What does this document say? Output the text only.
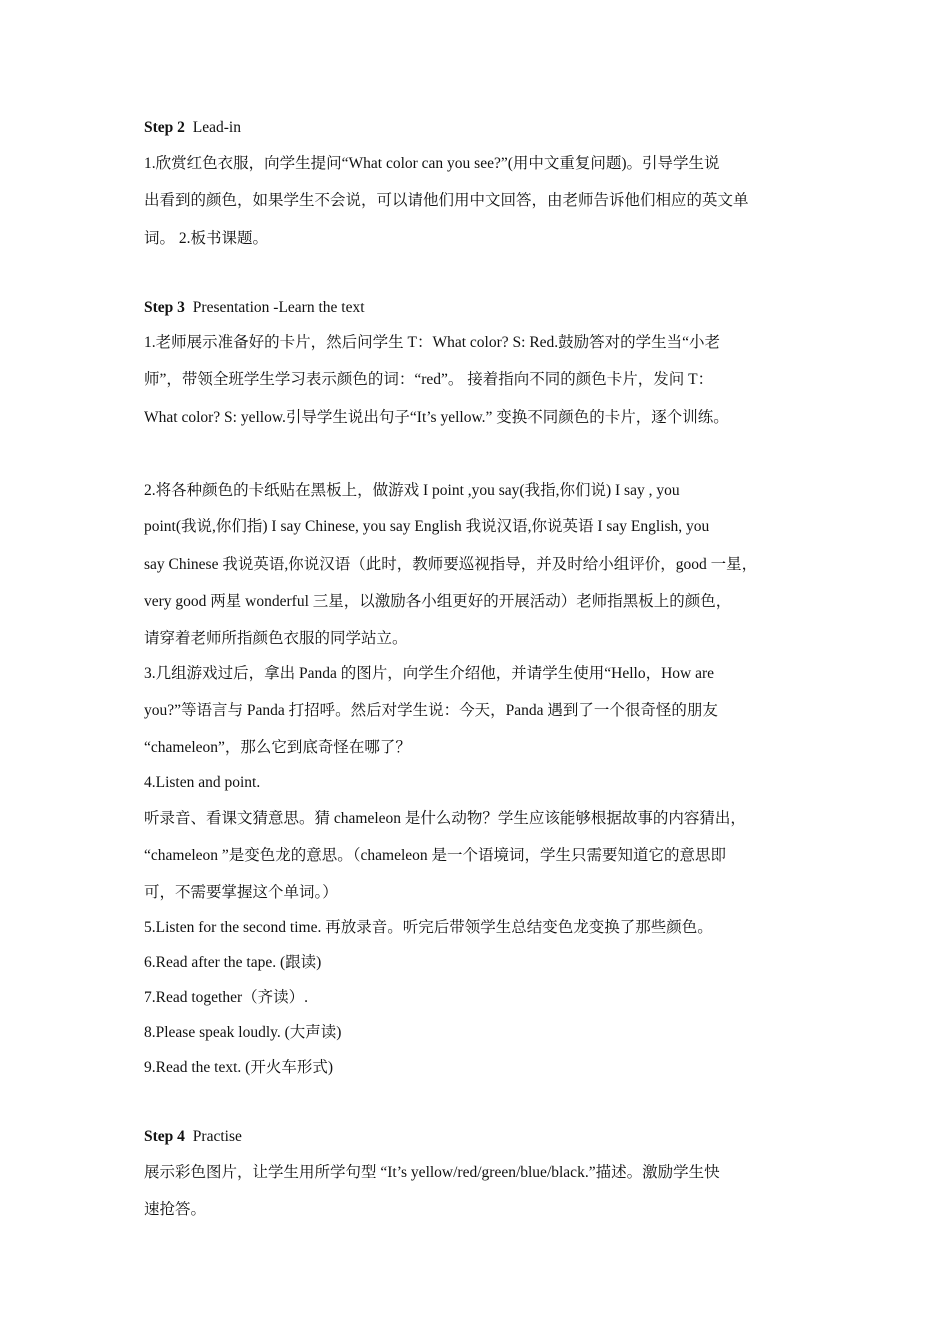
Step 2 Lead-in
1.欣赏红色衣服，向学生提问“What color can you see?”(用中文重复问题)。引导学生说
出看到的颜色，如果学生不会说，可以请他们用中文回答，由老师告诉他们相应的英文单
词。 2.板书课题。
Step 3 Presentation -Learn the text
1.老师展示准备好的卡片，然后问学生 T：What color? S: Red.鼓励答对的学生当“小老
师”，带领全班学生学习表示颜色的词：“red”。 接着指向不同的颜色卡片，发问 T：
What color? S: yellow.引导学生说出句子“It’s yellow.” 变换不同颜色的卡片，逐个训练。
2.将各种颜色的卡纸贴在黑板上，做游戏 I point ,you say(我指,你们说) I say , you
point(我说,你们指) I say Chinese, you say English 我说汉语,你说英语 I say English, you
say Chinese 我说英语,你说汉语（此时，教师要巡视指导，并及时给小组评价，good 一星，
very good 两星 wonderful 三星，以激励各小组更好的开展活动）老师指黑板上的颜色，
请穿着老师所指颜色衣服的同学站立。
3.几组游戏过后，拿出 Panda 的图片，向学生介绍他，并请学生使用“Hello，How are
you?”等语言与 Panda 打招呼。然后对学生说：今天，Panda 遇到了一个很奇怪的朋友
“chameleon”，那么它到底奇怪在哪了？
4.Listen and point.
听录音、看课文猜意思。猜 chameleon 是什么动物？学生应该能够根据故事的内容猜出，
“chameleon ”是变色龙的意思。（chameleon 是一个语境词，学生只需要知道它的意思即
可，不需要掌握这个单词。）
5.Listen for the second time. 再放录音。听完后带领学生总结变色龙变换了那些颜色。
6.Read after the tape. (跟读)
7.Read together（齐读）.
8.Please speak loudly. (大声读)
9.Read the text. (开火车形式)
Step 4 Practise
展示彩色图片，让学生用所学句型 “It’s yellow/red/green/blue/black.”描述。激励学生快
速抢答。
